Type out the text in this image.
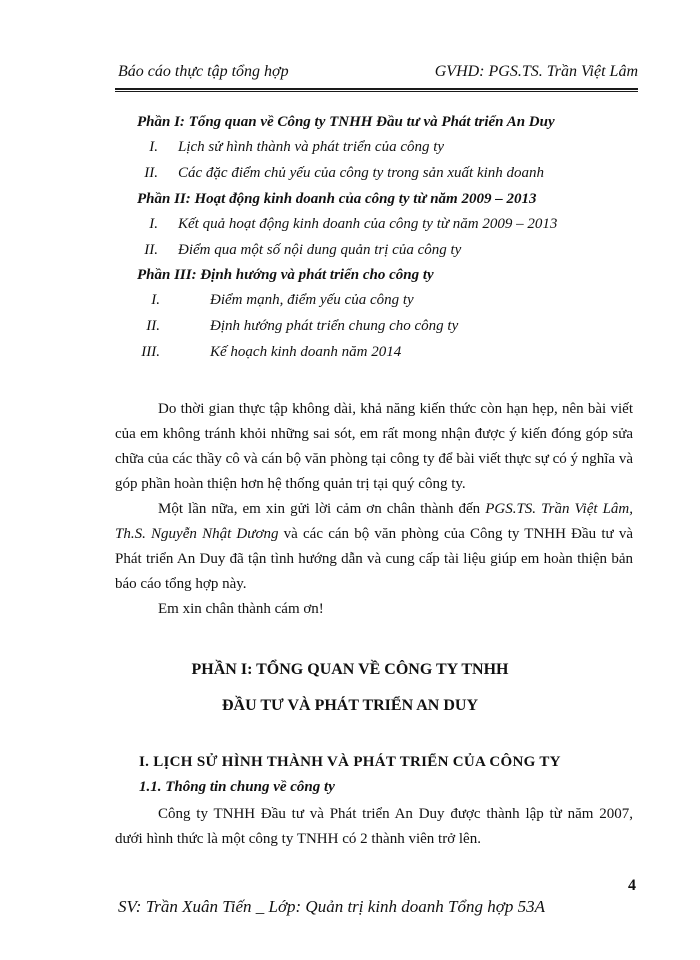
Báo cáo thực tập tổng hợp	GVHD: PGS.TS. Trần Việt Lâm
Phần I: Tổng quan về Công ty TNHH Đầu tư và Phát triển An Duy
I. Lịch sử hình thành và phát triển của công ty
II. Các đặc điểm chủ yếu của công ty trong sản xuất kinh doanh
Phần II: Hoạt động kinh doanh của công ty từ năm 2009 – 2013
I. Kết quả hoạt động kinh doanh của công ty từ năm 2009 – 2013
II. Điểm qua một số nội dung quản trị của công ty
Phần III: Định hướng và phát triển cho công ty
I.	Điểm mạnh, điểm yếu của công ty
II.	Định hướng phát triển chung cho công ty
III.	Kế hoạch kinh doanh năm 2014

Do thời gian thực tập không dài, khả năng kiến thức còn hạn hẹp, nên bài viết của em không tránh khỏi những sai sót, em rất mong nhận được ý kiến đóng góp sửa chữa của các thầy cô và cán bộ văn phòng tại công ty để bài viết thực sự có ý nghĩa và góp phần hoàn thiện hơn hệ thống quản trị tại quý công ty.

Một lần nữa, em xin gửi lời cảm ơn chân thành đến PGS.TS. Trần Việt Lâm, Th.S. Nguyễn Nhật Dương và các cán bộ văn phòng của Công ty TNHH Đầu tư và Phát triển An Duy đã tận tình hướng dẫn và cung cấp tài liệu giúp em hoàn thiện bản báo cáo tổng hợp này.

Em xin chân thành cám ơn!

PHẦN I: TỔNG QUAN VỀ CÔNG TY TNHH
ĐẦU TƯ VÀ PHÁT TRIỂN AN DUY
I. LỊCH SỬ HÌNH THÀNH VÀ PHÁT TRIỂN CỦA CÔNG TY
1.1. Thông tin chung về công ty

Công ty TNHH Đầu tư và Phát triển An Duy được thành lập từ năm 2007, dưới hình thức là một công ty TNHH có 2 thành viên trở lên.

4
SV: Trần Xuân Tiến _ Lớp: Quản trị kinh doanh Tổng hợp 53A
